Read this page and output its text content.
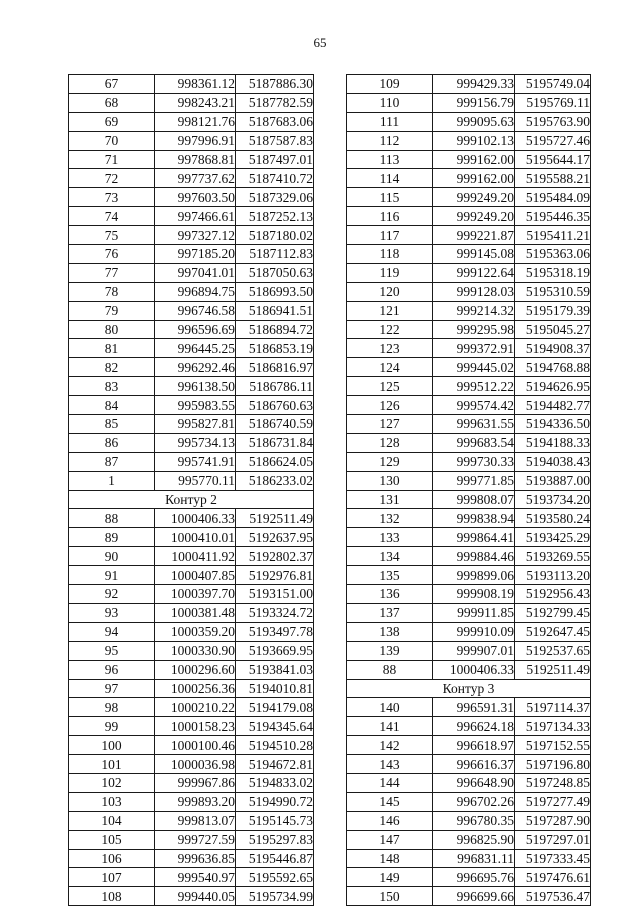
65
67	998361.12	5187886.30
68	998243.21	5187782.59
69	998121.76	5187683.06
70	997996.91	5187587.83
71	997868.81	5187497.01
72	997737.62	5187410.72
73	997603.50	5187329.06
74	997466.61	5187252.13
75	997327.12	5187180.02
76	997185.20	5187112.83
77	997041.01	5187050.63
78	996894.75	5186993.50
79	996746.58	5186941.51
80	996596.69	5186894.72
81	996445.25	5186853.19
82	996292.46	5186816.97
83	996138.50	5186786.11
84	995983.55	5186760.63
85	995827.81	5186740.59
86	995734.13	5186731.84
87	995741.91	5186624.05
1	995770.11	5186233.02
Контур 2		
88	1000406.33	5192511.49
89	1000410.01	5192637.95
90	1000411.92	5192802.37
91	1000407.85	5192976.81
92	1000397.70	5193151.00
93	1000381.48	5193324.72
94	1000359.20	5193497.78
95	1000330.90	5193669.95
96	1000296.60	5193841.03
97	1000256.36	5194010.81
98	1000210.22	5194179.08
99	1000158.23	5194345.64
100	1000100.46	5194510.28
101	1000036.98	5194672.81
102	999967.86	5194833.02
103	999893.20	5194990.72
104	999813.07	5195145.73
105	999727.59	5195297.83
106	999636.85	5195446.87
107	999540.97	5195592.65
108	999440.05	5195734.99
109	999429.33	5195749.04
110	999156.79	5195769.11
111	999095.63	5195763.90
112	999102.13	5195727.46
113	999162.00	5195644.17
114	999162.00	5195588.21
115	999249.20	5195484.09
116	999249.20	5195446.35
117	999221.87	5195411.21
118	999145.08	5195363.06
119	999122.64	5195318.19
120	999128.03	5195310.59
121	999214.32	5195179.39
122	999295.98	5195045.27
123	999372.91	5194908.37
124	999445.02	5194768.88
125	999512.22	5194626.95
126	999574.42	5194482.77
127	999631.55	5194336.50
128	999683.54	5194188.33
129	999730.33	5194038.43
130	999771.85	5193887.00
131	999808.07	5193734.20
132	999838.94	5193580.24
133	999864.41	5193425.29
134	999884.46	5193269.55
135	999899.06	5193113.20
136	999908.19	5192956.43
137	999911.85	5192799.45
138	999910.09	5192647.45
139	999907.01	5192537.65
88	1000406.33	5192511.49
Контур 3		
140	996591.31	5197114.37
141	996624.18	5197134.33
142	996618.97	5197152.55
143	996616.37	5197196.80
144	996648.90	5197248.85
145	996702.26	5197277.49
146	996780.35	5197287.90
147	996825.90	5197297.01
148	996831.11	5197333.45
149	996695.76	5197476.61
150	996699.66	5197536.47
